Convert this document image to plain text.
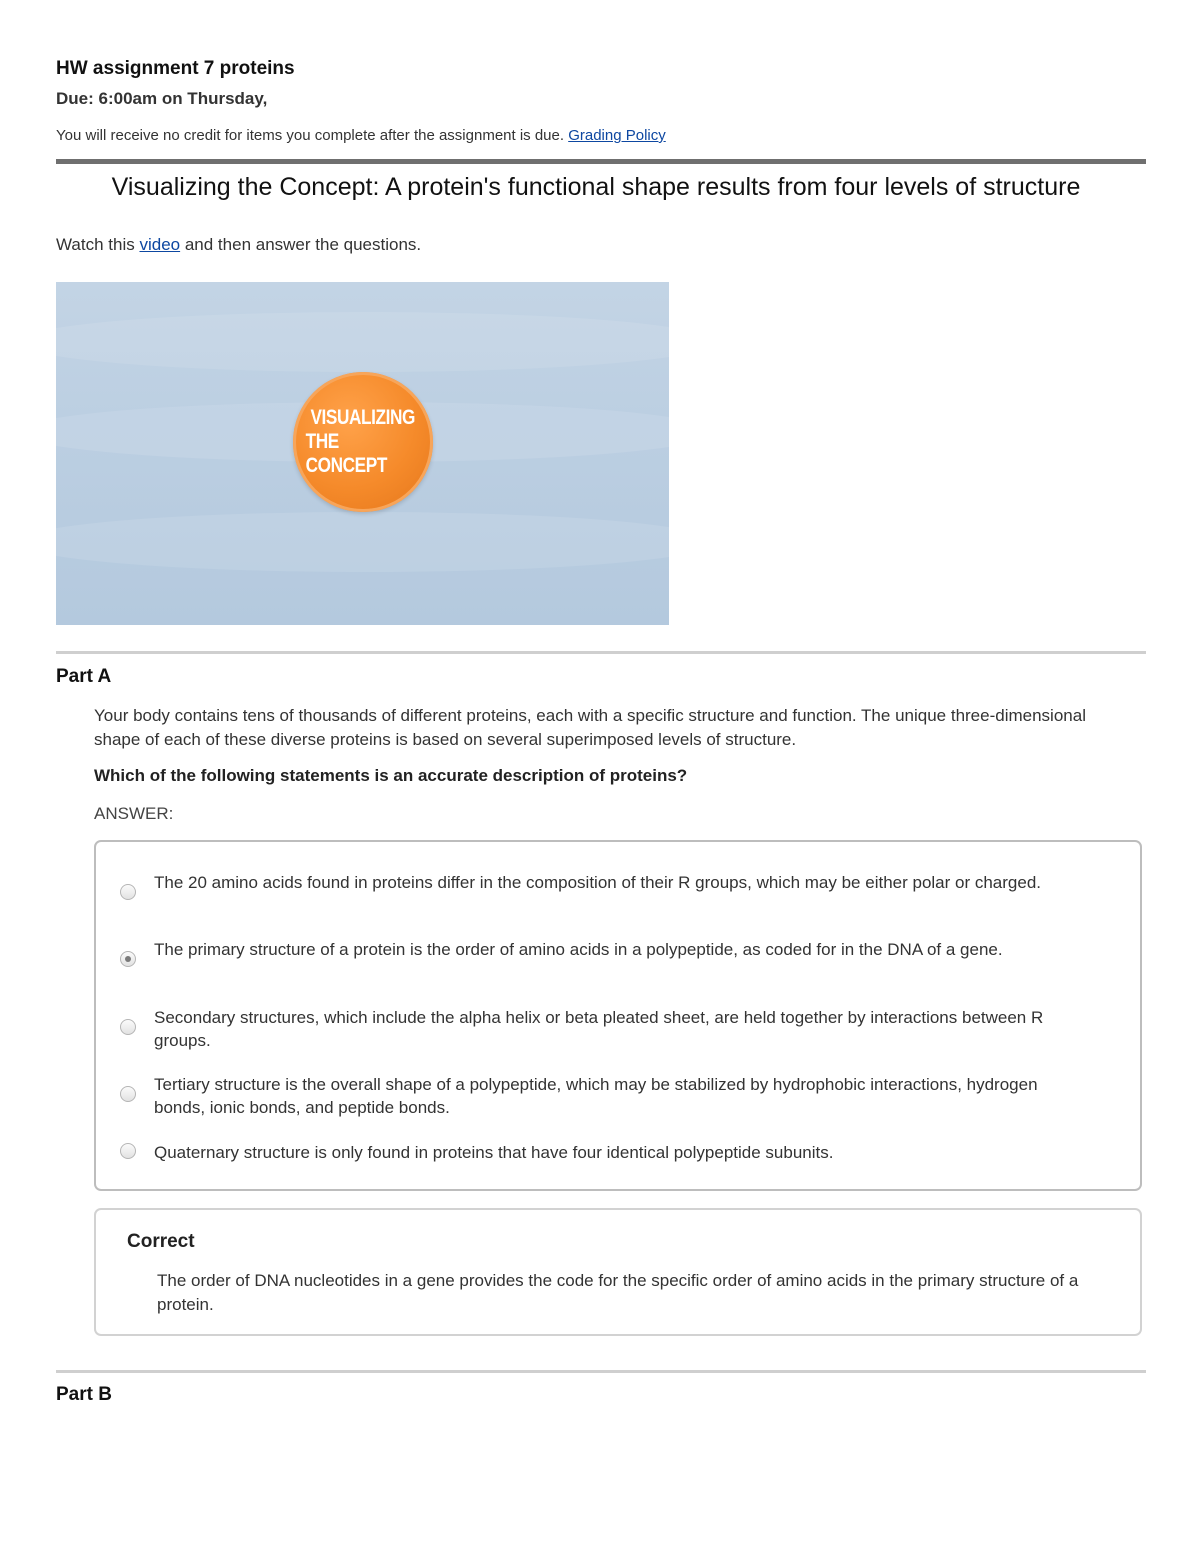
HW assignment 7 proteins
Due: 6:00am on Thursday,
You will receive no credit for items you complete after the assignment is due. Grading Policy
Visualizing the Concept: A protein's functional shape results from four levels of structure
Watch this video and then answer the questions.
VISUALIZING
THE CONCEPT
Part A
Your body contains tens of thousands of different proteins, each with a specific structure and function. The unique three-dimensional shape of each of these diverse proteins is based on several superimposed levels of structure.
Which of the following statements is an accurate description of proteins?
ANSWER:
The 20 amino acids found in proteins differ in the composition of their R groups, which may be either polar or charged.
The primary structure of a protein is the order of amino acids in a polypeptide, as coded for in the DNA of a gene.
Secondary structures, which include the alpha helix or beta pleated sheet, are held together by interactions between R groups.
Tertiary structure is the overall shape of a polypeptide, which may be stabilized by hydrophobic interactions, hydrogen bonds, ionic bonds, and peptide bonds.
Quaternary structure is only found in proteins that have four identical polypeptide subunits.
Correct
The order of DNA nucleotides in a gene provides the code for the specific order of amino acids in the primary structure of a protein.
Part B
